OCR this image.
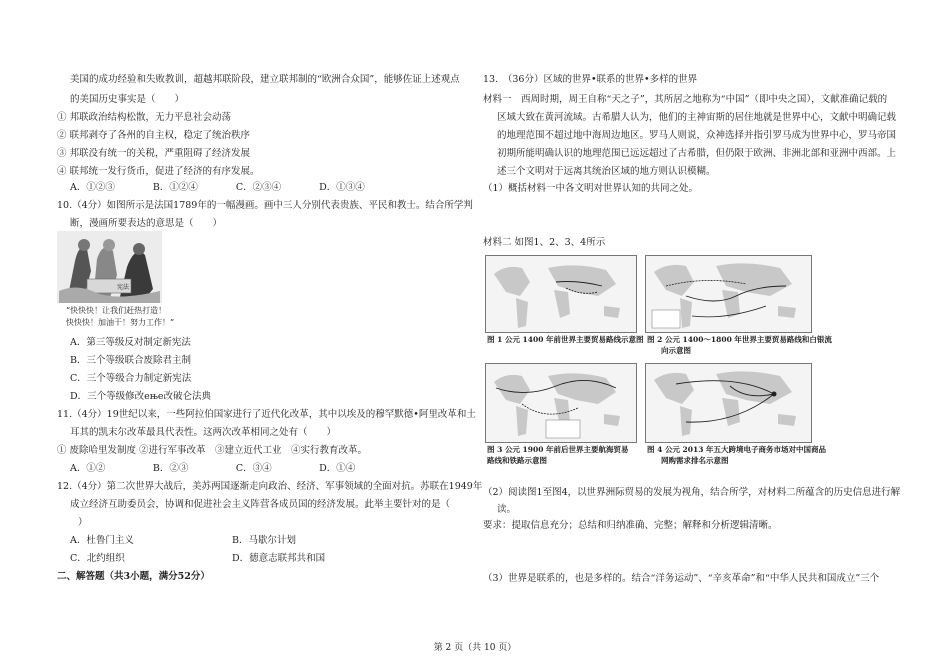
美国的成功经验和失败教训，超越邦联阶段，建立联邦制的“欧洲合众国”，能够佐证上述观点
的美国历史事实是（　　）
① 邦联政治结构松散，无力平息社会动荡
② 联邦剥夺了各州的自主权，稳定了统治秩序
③ 邦联没有统一的关税，严重阻碍了经济发展
④ 联邦统一发行货币，促进了经济的有序发展。
A．①②③　　　　B．①②④　　　　C．②③④　　　　D．①③④
10.（4分）如图所示是法国1789年的一幅漫画。画中三人分别代表贵族、平民和教士。结合所学判
断，漫画所要表达的意思是（　　）
宪法
“快快快！让我们赶热打造！
快快快！加油干！努力工作！”
A．第三等级反对制定新宪法
B．三个等级联合废除君主制
C．三个等级合力制定新宪法
D．三个等级修改ење改破仑法典
11.（4分）19世纪以来，一些阿拉伯国家进行了近代化改革，其中以埃及的穆罕默德•阿里改革和土
耳其的凯末尔改革最具代表性。这两次改革相同之处有（　　）
① 废除哈里发制度 ②进行军事改革　③建立近代工业　④实行教育改革。
A．①②　　　　　B．②③　　　　　C．③④　　　　　D．①④
12.（4分）第二次世界大战后，美苏两国逐渐走向政治、经济、军事领域的全面对抗。苏联在1949年
成立经济互助委员会，协调和促进社会主义阵营各成员国的经济发展。此举主要针对的是（
）
A．杜鲁门主义	B．马歇尔计划
C．北约组织	D．德意志联邦共和国
二、解答题（共3小题，满分52分）
13.　（36分）区域的世界•联系的世界•多样的世界
材料一　西周时期，周王自称“天之子”，其所居之地称为“中国”（即中央之国），文献准确记载的
区域大致在黄河流域。古希腊人认为，他们的主神宙斯的居住地就是世界中心，文献中明确记载
的地理范围不超过地中海周边地区。罗马人则说，众神选择并指引罗马成为世界中心，罗马帝国
初期所能明确认识的地理范围已远远超过了古希腊，但仍限于欧洲、非洲北部和亚洲中西部。上
述三个文明对于远离其统治区域的地方则认识模糊。
（1）概括材料一中各文明对世界认知的共同之处。
材料二 如图1、2、3、4所示
图 1 公元 1400 年前世界主要贸易路线示意图 图 2 公元 1400～1800 年世界主要贸易路线和白银流
向示意图
图 3 公元 1900 年前后世界主要航海贸易
路线和铁路示意图
图 4 公元 2013 年五大跨境电子商务市场对中国商品
网购需求排名示意图
（2）阅读图1至图4，以世界洲际贸易的发展为视角，结合所学，对材料二所蕴含的历史信息进行解
读。
要求：提取信息充分；总结和归纳准确、完整；解释和分析逻辑清晰。
（3）世界是联系的，也是多样的。结合“洋务运动”、“辛亥革命”和“中华人民共和国成立”三个
第 2 页（共 10 页）
